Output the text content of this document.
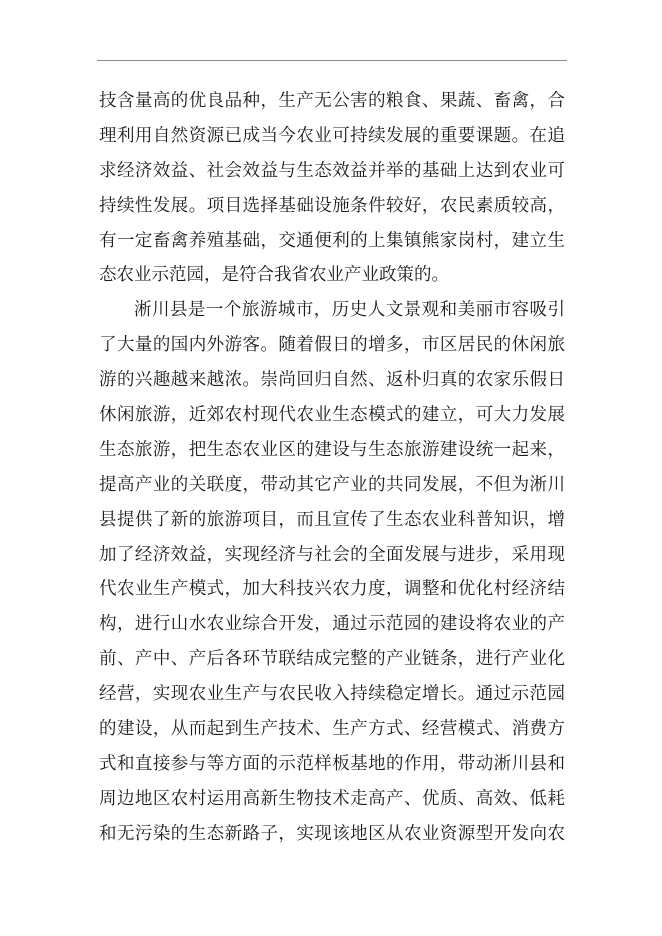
技含量高的优良品种，生产无公害的粮食、果蔬、畜禽，合
理利用自然资源已成当今农业可持续发展的重要课题。在追
求经济效益、社会效益与生态效益并举的基础上达到农业可
持续性发展。项目选择基础设施条件较好，农民素质较高，
有一定畜禽养殖基础，交通便利的上集镇熊家岗村，建立生
态农业示范园，是符合我省农业产业政策的。
淅川县是一个旅游城市，历史人文景观和美丽市容吸引
了大量的国内外游客。随着假日的增多，市区居民的休闲旅
游的兴趣越来越浓。崇尚回归自然、返朴归真的农家乐假日
休闲旅游，近郊农村现代农业生态模式的建立，可大力发展
生态旅游，把生态农业区的建设与生态旅游建设统一起来，
提高产业的关联度，带动其它产业的共同发展，不但为淅川
县提供了新的旅游项目，而且宣传了生态农业科普知识，增
加了经济效益，实现经济与社会的全面发展与进步，采用现
代农业生产模式，加大科技兴农力度，调整和优化村经济结
构，进行山水农业综合开发，通过示范园的建设将农业的产
前、产中、产后各环节联结成完整的产业链条，进行产业化
经营，实现农业生产与农民收入持续稳定增长。通过示范园
的建设，从而起到生产技术、生产方式、经营模式、消费方
式和直接参与等方面的示范样板基地的作用，带动淅川县和
周边地区农村运用高新生物技术走高产、优质、高效、低耗
和无污染的生态新路子，实现该地区从农业资源型开发向农
